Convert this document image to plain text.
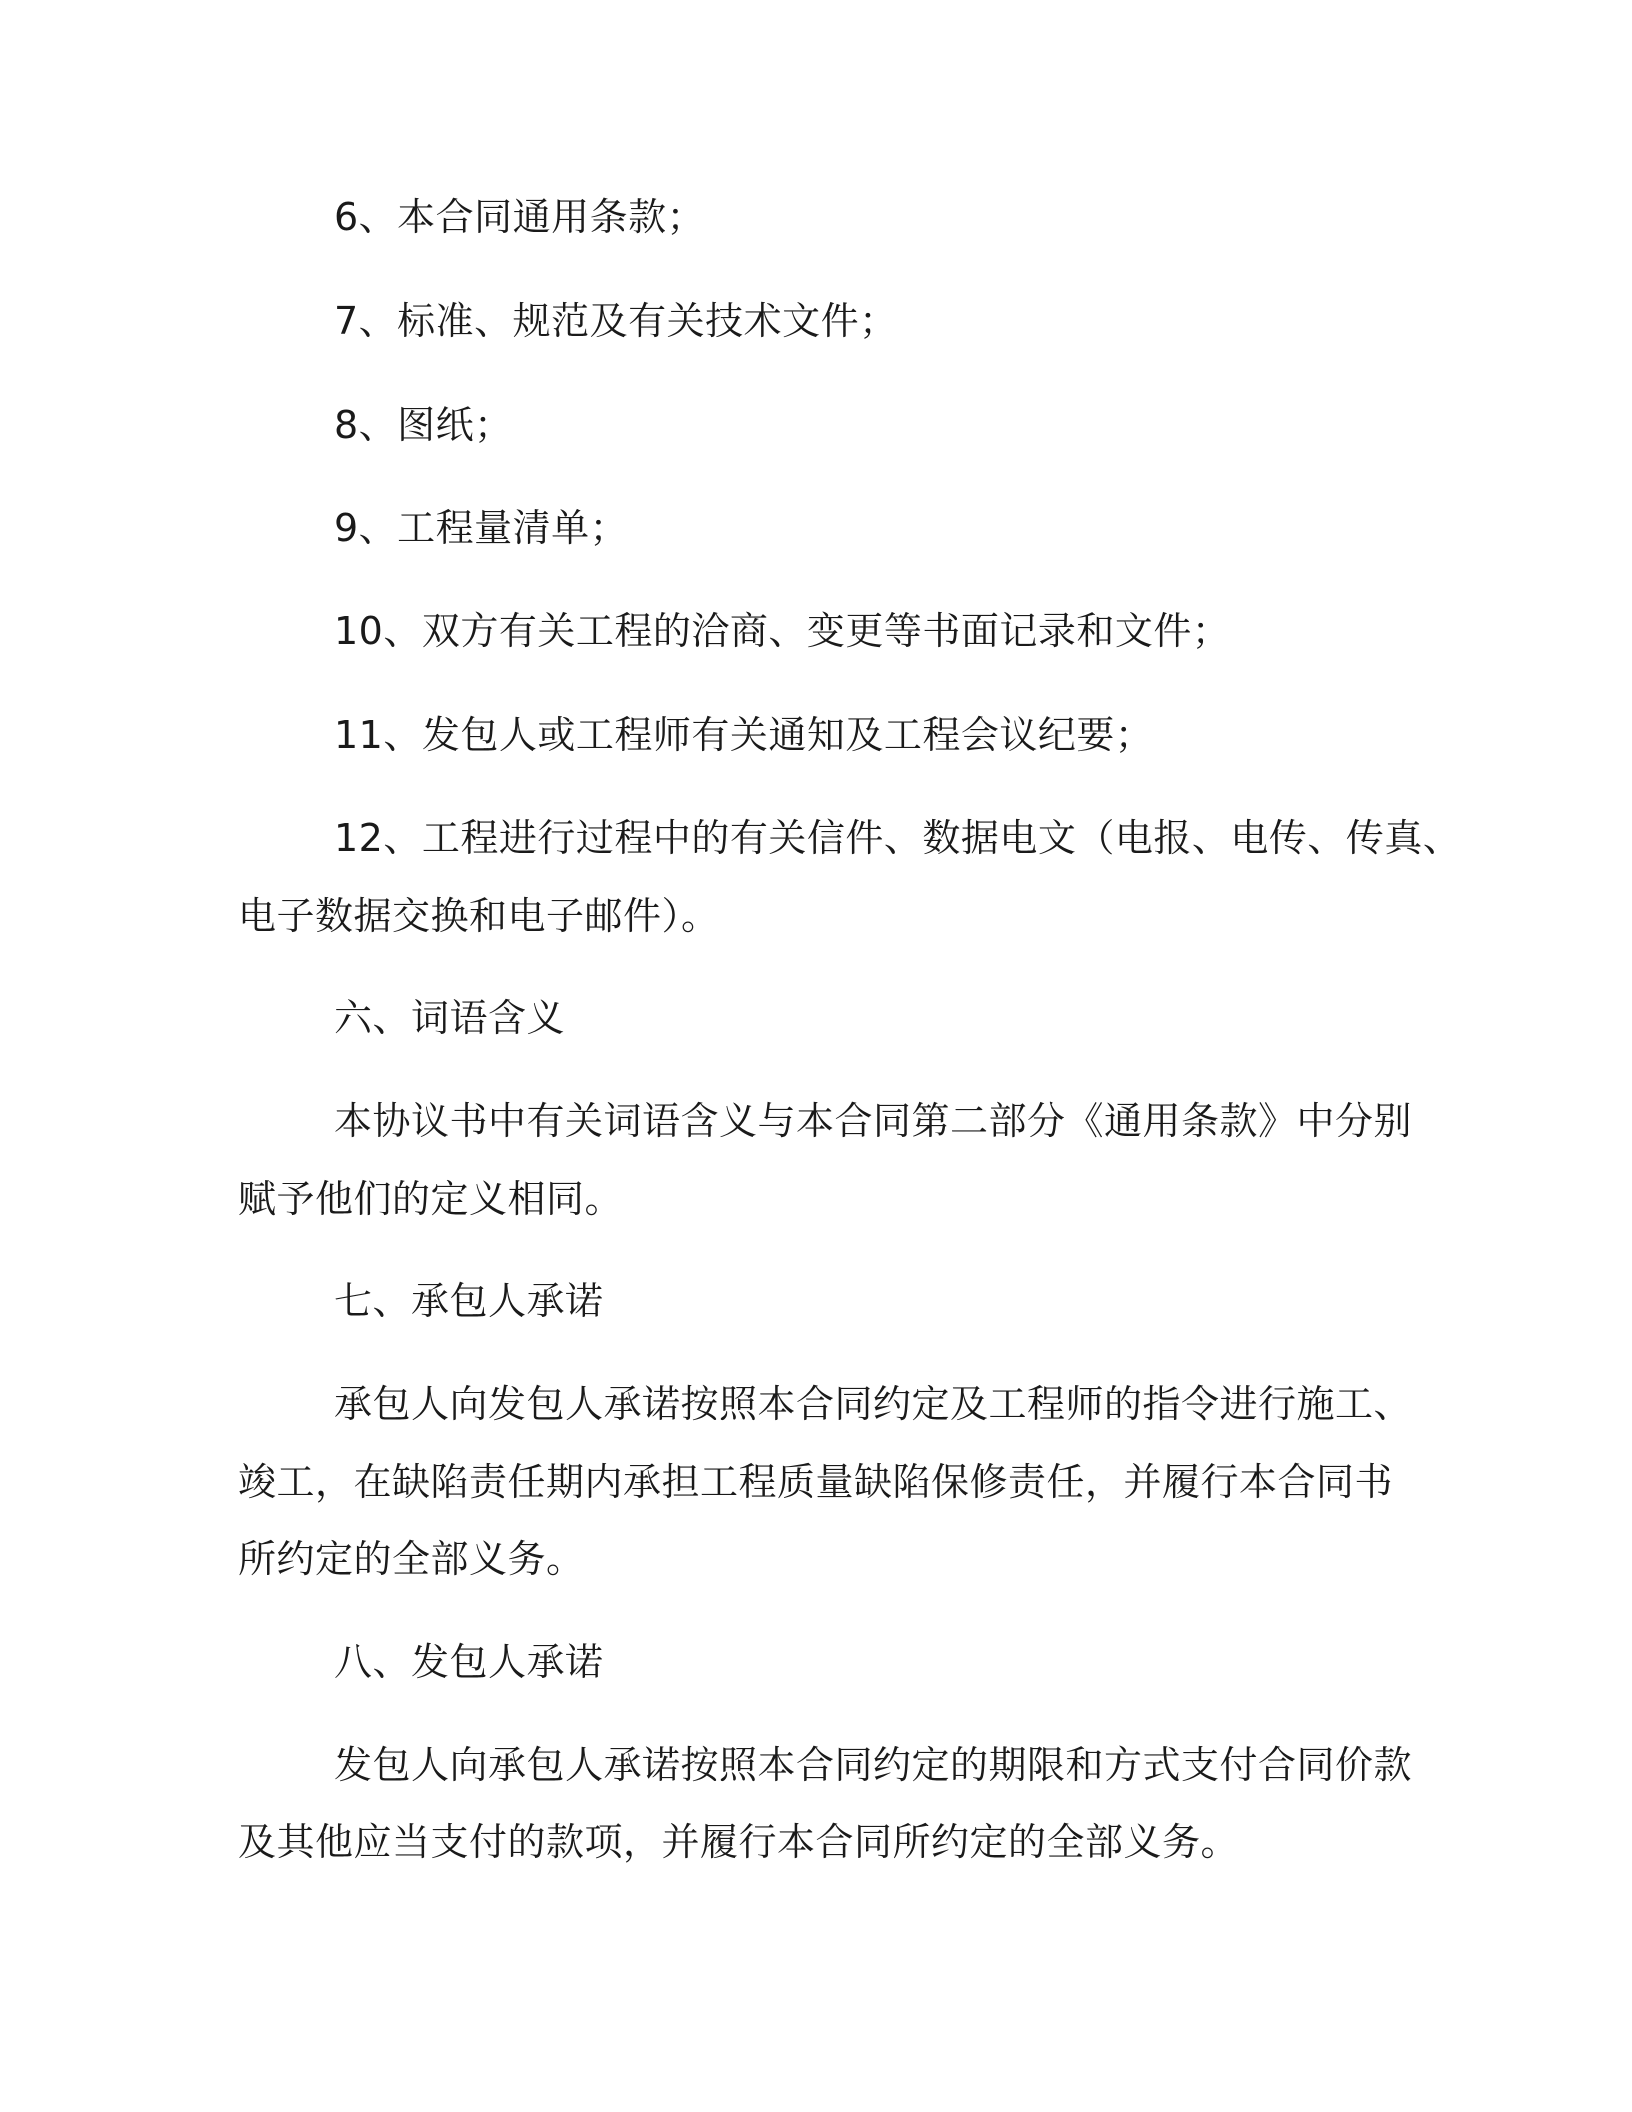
6、本合同通用条款；
7、标准、规范及有关技术文件；
8、图纸；
9、工程量清单；
10、双方有关工程的洽商、变更等书面记录和文件；
11、发包人或工程师有关通知及工程会议纪要；
12、工程进行过程中的有关信件、数据电文（电报、电传、传真、
电子数据交换和电子邮件）。
六、词语含义
本协议书中有关词语含义与本合同第二部分《通用条款》中分别
赋予他们的定义相同。
七、承包人承诺
承包人向发包人承诺按照本合同约定及工程师的指令进行施工、
竣工，在缺陷责任期内承担工程质量缺陷保修责任，并履行本合同书
所约定的全部义务。
八、发包人承诺
发包人向承包人承诺按照本合同约定的期限和方式支付合同价款
及其他应当支付的款项，并履行本合同所约定的全部义务。
